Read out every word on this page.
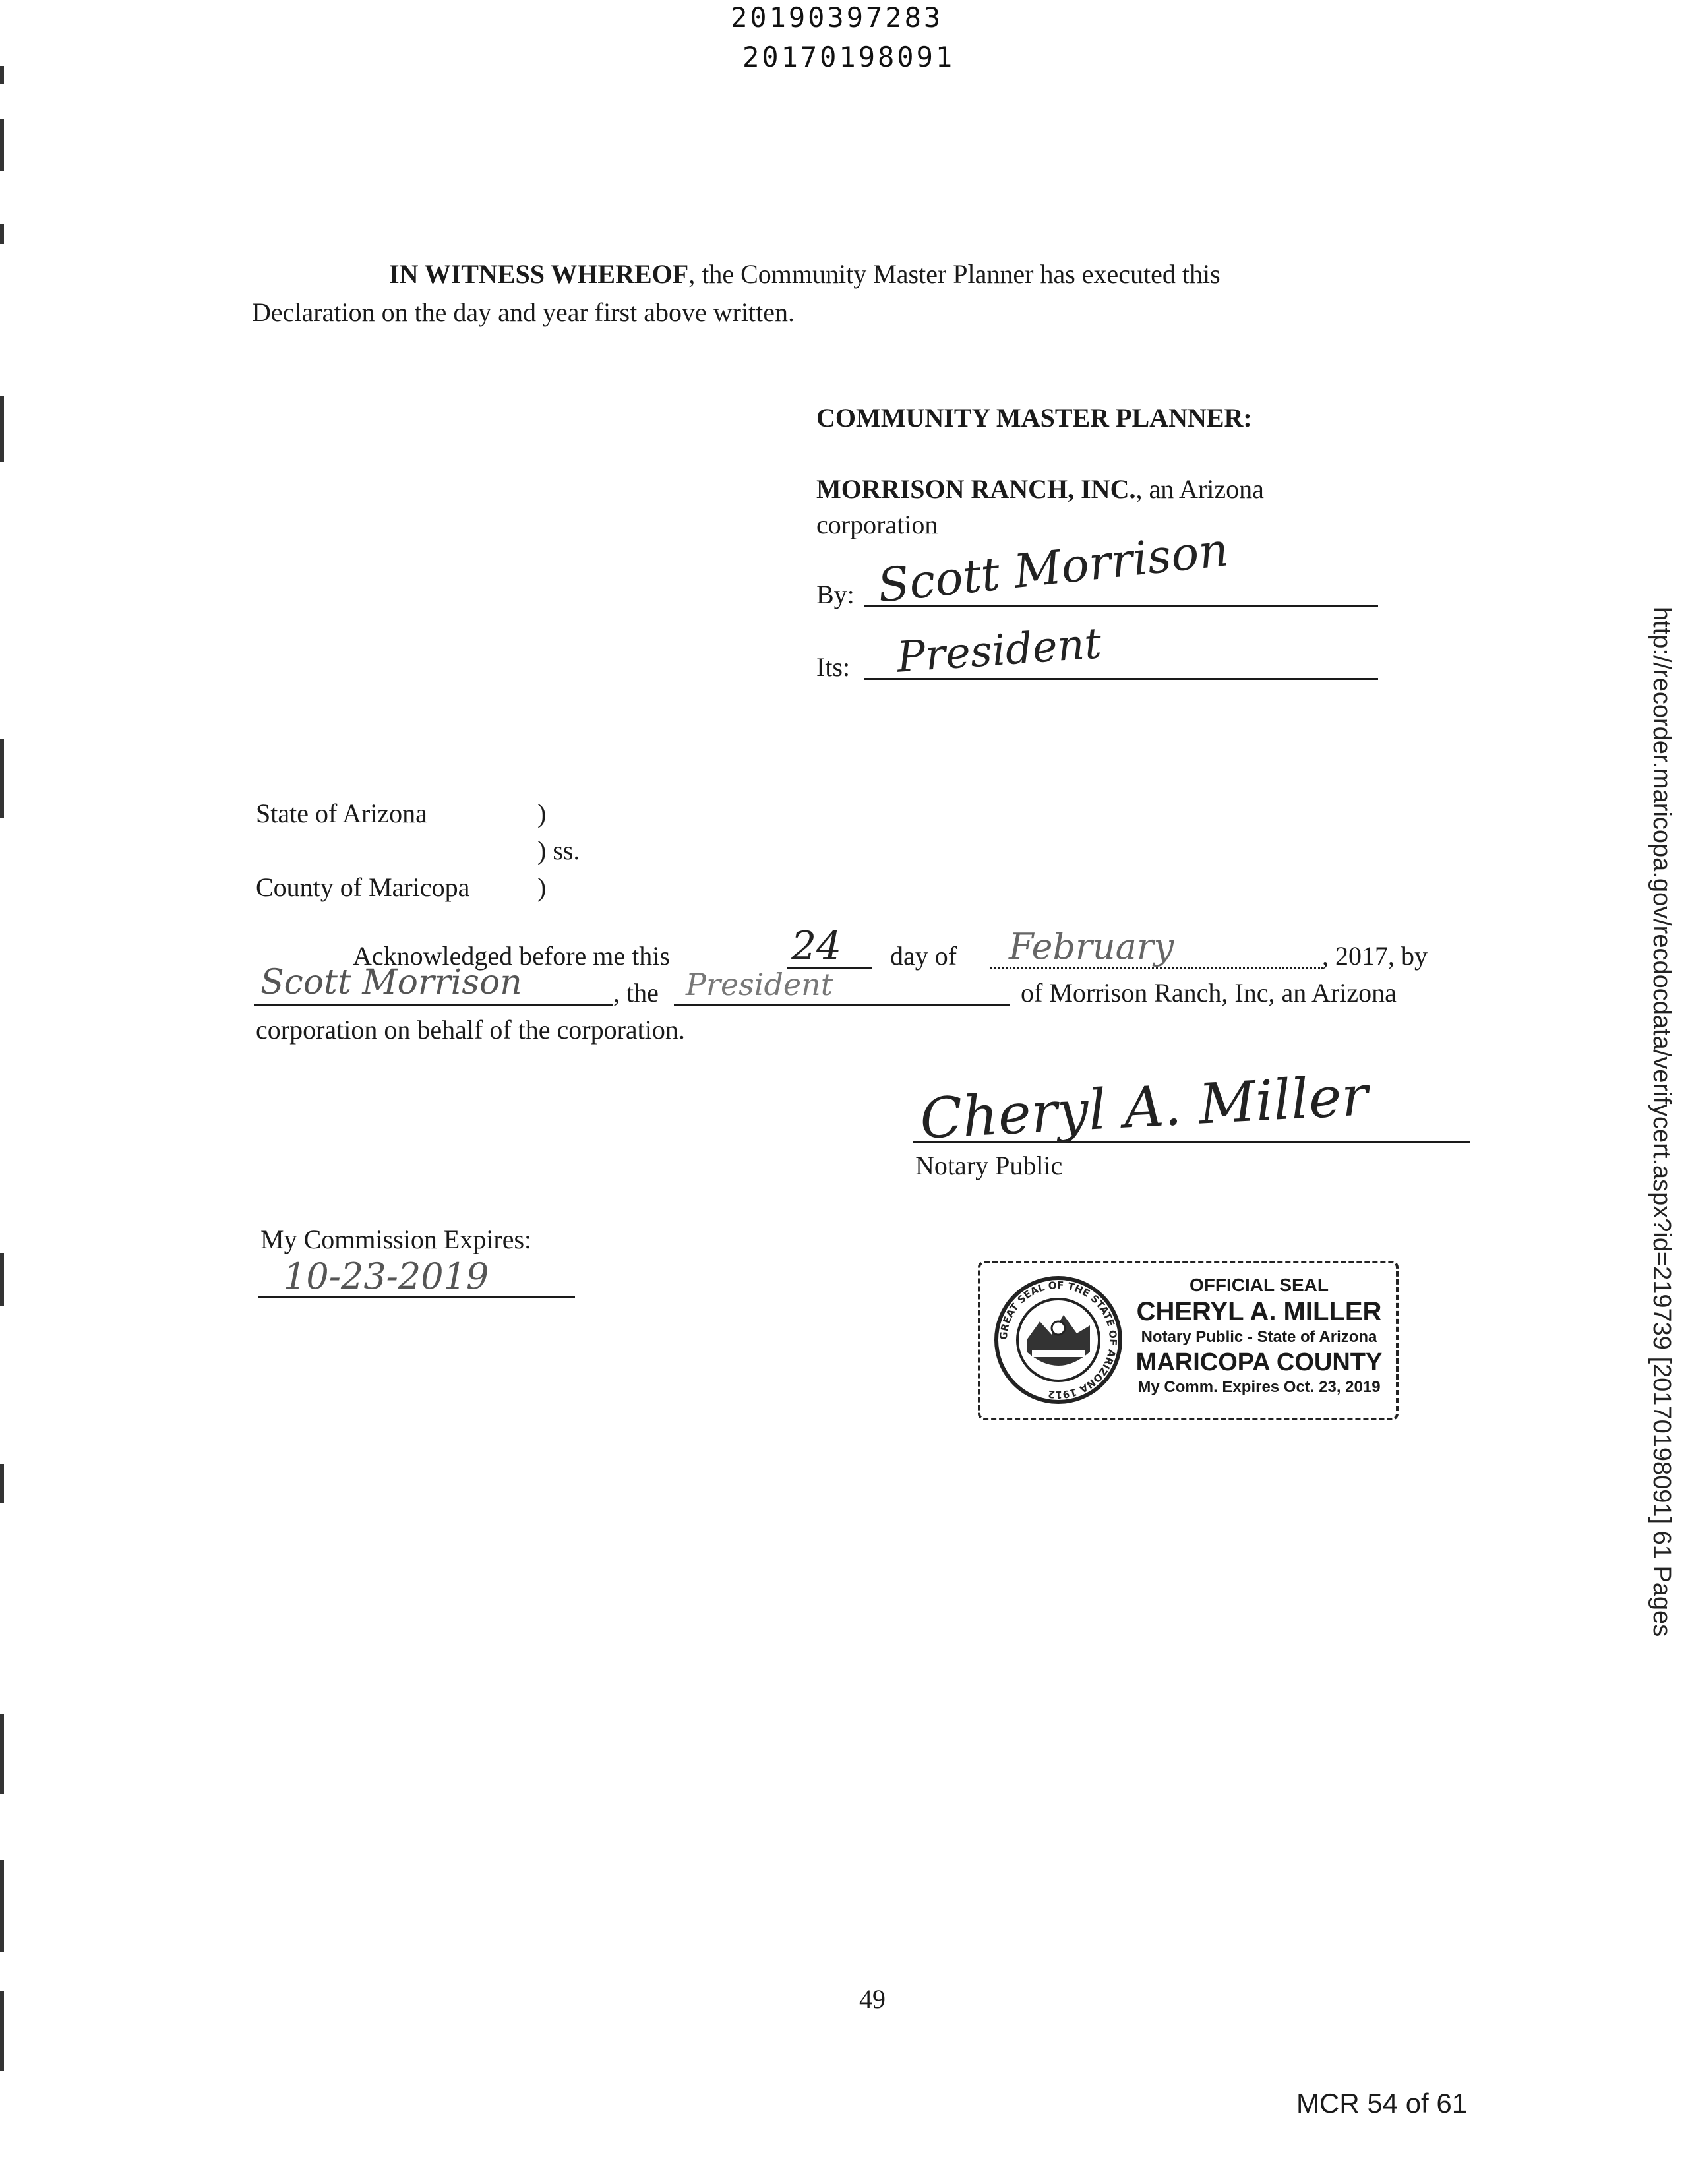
20190397283
20170198091
IN WITNESS WHEREOF, the Community Master Planner has executed this
Declaration on the day and year first above written.
COMMUNITY MASTER PLANNER:
MORRISON RANCH, INC., an Arizona
corporation
By: Scott Morrison
Its: President
State of Arizona	)
) ss.
County of Maricopa	)
Acknowledged before me this	24 day of February	, 2017, by
Scott Morrison	, the President	of Morrison Ranch, Inc, an Arizona
corporation on behalf of the corporation.
Cheryl A. Miller
Notary Public
My Commission Expires:
10-23-2019
GREAT SEAL OF THE STATE OF ARIZONA 1912
OFFICIAL SEAL
CHERYL A. MILLER
Notary Public - State of Arizona
MARICOPA COUNTY
My Comm. Expires Oct. 23, 2019	http://recorder.maricopa.gov/recdocdata/verifycert.aspx?id=219739 [20170198091] 61 Pages
49
MCR 54 of 61
